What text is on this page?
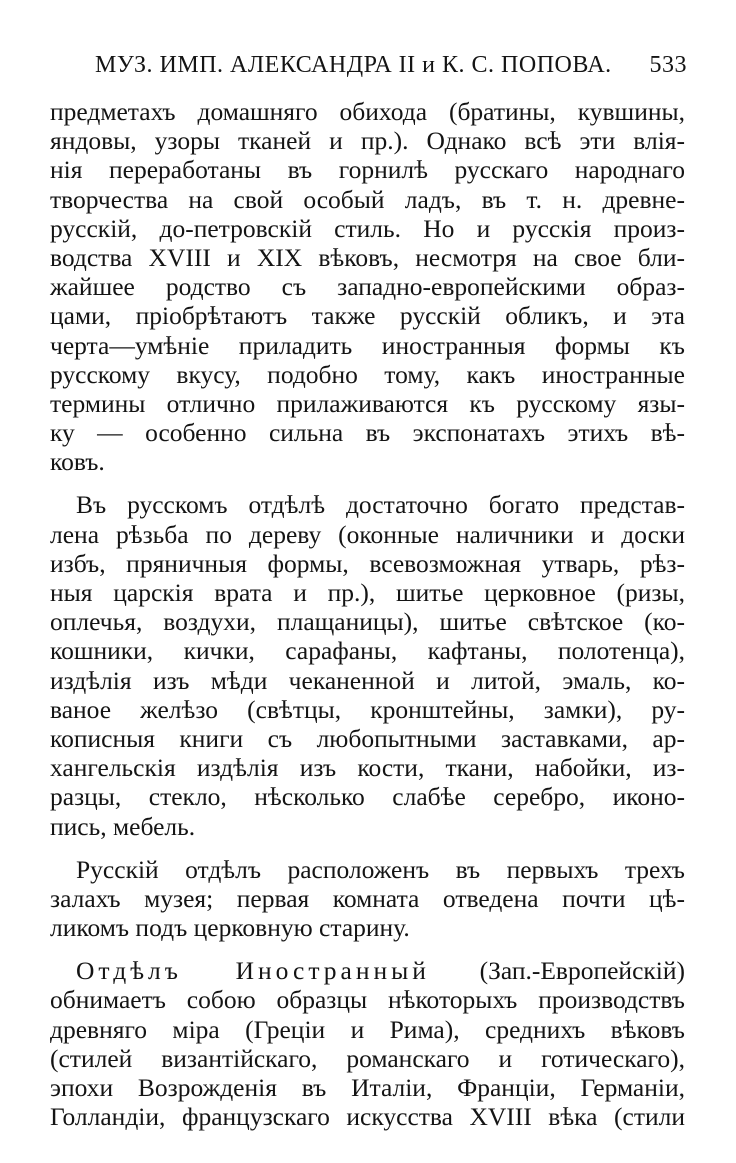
МУЗ. ИМП. АЛЕКСАНДРА II и К. С. ПОПОВА. 533
предметахъ домашняго обихода (братины, кувшины,
яндовы, узоры тканей и пр.). Однако всѣ эти влiя-
нiя переработаны въ горнилѣ русскаго народнаго
творчества на свой особый ладъ, въ т. н. древне-
русскiй, до-петровскiй стиль. Но и русскiя произ-
водства XVIII и XIX вѣковъ, несмотря на свое бли-
жайшее родство съ западно-европейскими образ-
цами, прiобрѣтаютъ также русскiй обликъ, и эта
черта—умѣнiе приладить иностранныя формы къ
русскому вкусу, подобно тому, какъ иностранные
термины отлично прилаживаются къ русскому язы-
ку — особенно сильна въ экспонатахъ этихъ вѣ-
ковъ.
Въ русскомъ отдѣлѣ достаточно богато представ-
лена рѣзьба по дереву (оконные наличники и доски
избъ, пряничныя формы, всевозможная утварь, рѣз-
ныя царскiя врата и пр.), шитье церковное (ризы,
оплечья, воздухи, плащаницы), шитье свѣтское (ко-
кошники, кички, сарафаны, кафтаны, полотенца),
издѣлiя изъ мѣди чеканенной и литой, эмаль, ко-
ваное желѣзо (свѣтцы, кронштейны, замки), ру-
кописныя книги съ любопытными заставками, ар-
хангельскiя издѣлiя изъ кости, ткани, набойки, из-
разцы, стекло, нѣсколько слабѣе серебро, иконо-
пись, мебель.
Русскiй отдѣлъ расположенъ въ первыхъ трехъ
залахъ музея; первая комната отведена почти цѣ-
ликомъ подъ церковную старину.
Отдѣлъ Иностранный (Зап.-Европейскiй)
обнимаетъ собою образцы нѣкоторыхъ производствъ
древняго мiра (Грецiи и Рима), среднихъ вѣковъ
(стилей византiйскаго, романскаго и готическаго),
эпохи Возрожденiя въ Италiи, Францiи, Германiи,
Голландiи, французскаго искусства XVIII вѣка (стили
